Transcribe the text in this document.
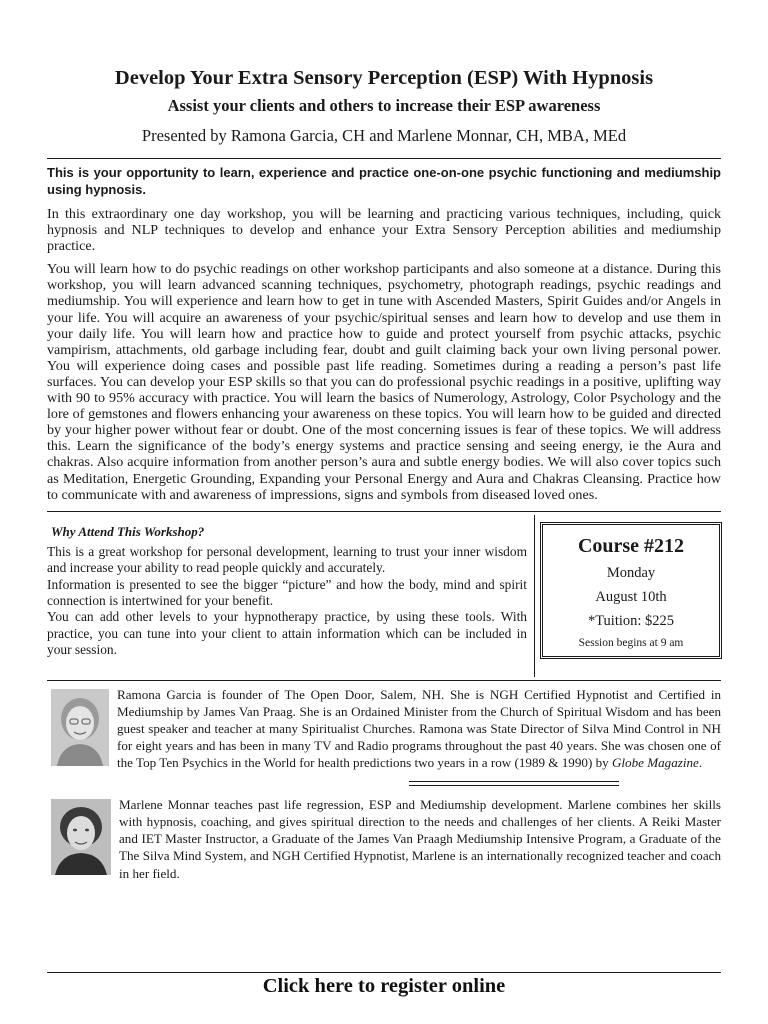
Develop Your Extra Sensory Perception (ESP) With Hypnosis

Assist your clients and others to increase their ESP awareness

Presented by Ramona Garcia, CH and Marlene Monnar, CH, MBA, MEd

This is your opportunity to learn, experience and practice one-on-one psychic functioning and mediumship using hypnosis.

In this extraordinary one day workshop, you will be learning and practicing various techniques, including, quick hypnosis and NLP techniques to develop and enhance your Extra Sensory Perception abilities and mediumship practice.

You will learn how to do psychic readings on other workshop participants and also someone at a distance. During this workshop, you will learn advanced scanning techniques, psychometry, photograph readings, psychic readings and mediumship. You will experience and learn how to get in tune with Ascended Masters, Spirit Guides and/or Angels in your life. You will acquire an awareness of your psychic/spiritual senses and learn how to develop and use them in your daily life. You will learn how and practice how to guide and protect yourself from psychic attacks, psychic vampirism, attachments, old garbage including fear, doubt and guilt claiming back your own living personal power. You will experience doing cases and possible past life reading. Sometimes during a reading a person’s past life surfaces. You can develop your ESP skills so that you can do professional psychic readings in a positive, uplifting way with 90 to 95% accuracy with practice. You will learn the basics of Numerology, Astrology, Color Psychology and the lore of gemstones and flowers enhancing your awareness on these topics. You will learn how to be guided and directed by your higher power without fear or doubt. One of the most concerning issues is fear of these topics. We will address this. Learn the significance of the body’s energy systems and practice sensing and seeing energy, ie the Aura and chakras. Also acquire information from another person’s aura and subtle energy bodies. We will also cover topics such as Meditation, Energetic Grounding, Expanding your Personal Energy and Aura and Chakras Cleansing. Practice how to communicate with and awareness of impressions, signs and symbols from diseased loved ones.

Why Attend This Workshop?

This is a great workshop for personal development, learning to trust your inner wisdom and increase your ability to read people quickly and accurately.

Information is presented to see the bigger “picture” and how the body, mind and spirit connection is intertwined for your benefit.

You can add other levels to your hypnotherapy practice, by using these tools. With practice, you can tune into your client to attain information which can be included in your session.

Course #212
Monday
August 10th
*Tuition: $225
Session begins at 9 am

Ramona Garcia is founder of The Open Door, Salem, NH. She is NGH Certified Hypnotist and Certified in Mediumship by James Van Praag. She is an Ordained Minister from the Church of Spiritual Wisdom and has been guest speaker and teacher at many Spiritualist Churches. Ramona was State Director of Silva Mind Control in NH for eight years and has been in many TV and Radio programs throughout the past 40 years. She was chosen one of the Top Ten Psychics in the World for health predictions two years in a row (1989 & 1990) by Globe Magazine.

Marlene Monnar teaches past life regression, ESP and Mediumship development. Marlene combines her skills with hypnosis, coaching, and gives spiritual direction to the needs and challenges of her clients. A Reiki Master and IET Master Instructor, a Graduate of the James Van Praagh Mediumship Intensive Program, a Graduate of the The Silva Mind System, and NGH Certified Hypnotist, Marlene is an internationally recognized teacher and coach in her field.

Click here to register online
